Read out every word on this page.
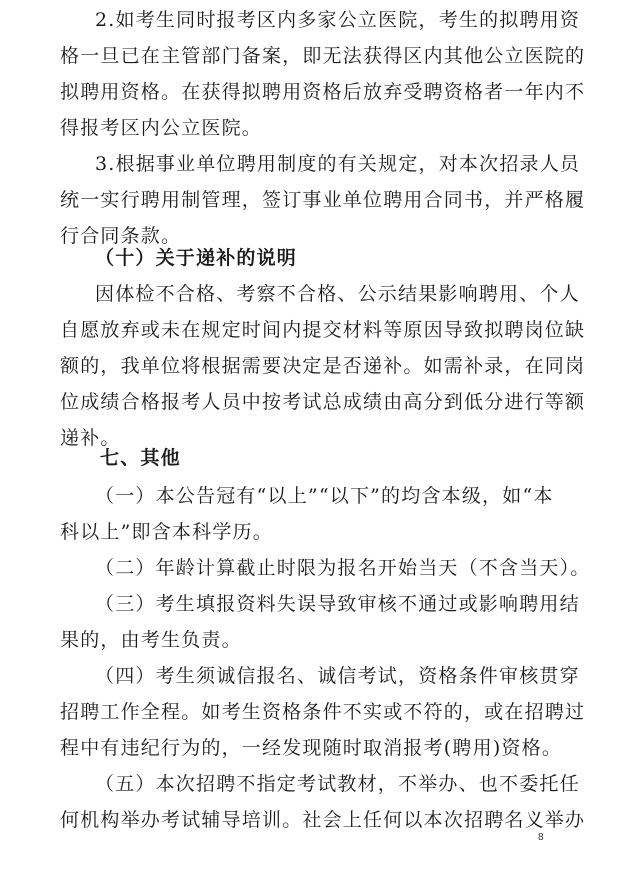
2.如考生同时报考区内多家公立医院，考生的拟聘用资
格一旦已在主管部门备案，即无法获得区内其他公立医院的
拟聘用资格。在获得拟聘用资格后放弃受聘资格者一年内不
得报考区内公立医院。
3.根据事业单位聘用制度的有关规定，对本次招录人员
统一实行聘用制管理，签订事业单位聘用合同书，并严格履
行合同条款。
（十）关于递补的说明
因体检不合格、考察不合格、公示结果影响聘用、个人
自愿放弃或未在规定时间内提交材料等原因导致拟聘岗位缺
额的，我单位将根据需要决定是否递补。如需补录，在同岗
位成绩合格报考人员中按考试总成绩由高分到低分进行等额
递补。
七、其他
（一）本公告冠有“以上”“以下”的均含本级，如“本
科以上”即含本科学历。
（二）年龄计算截止时限为报名开始当天（不含当天）。
（三）考生填报资料失误导致审核不通过或影响聘用结
果的，由考生负责。
（四）考生须诚信报名、诚信考试，资格条件审核贯穿
招聘工作全程。如考生资格条件不实或不符的，或在招聘过
程中有违纪行为的，一经发现随时取消报考(聘用)资格。
（五）本次招聘不指定考试教材，不举办、也不委托任
何机构举办考试辅导培训。社会上任何以本次招聘名义举办
8
